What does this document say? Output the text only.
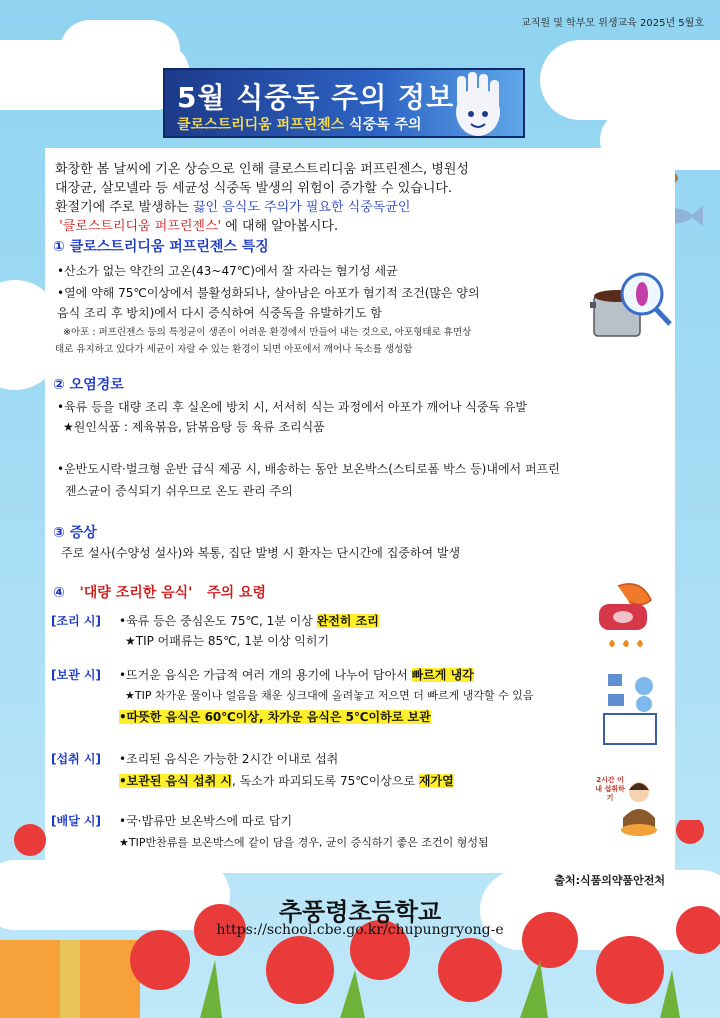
교직원 및 학부모 위생교육 2025년 5월호
5월 식중독 주의 정보
클로스트리디움 퍼프린젠스 식중독 주의
화창한 봄 날씨에 기온 상승으로 인해 클로스트리디움 퍼프린젠스, 병원성
대장균, 살모넬라 등 세균성 식중독 발생의 위험이 증가할 수 있습니다.
환절기에 주로 발생하는 끓인 음식도 주의가 필요한 식중독균인
'클로스트리디움 퍼프린젠스' 에 대해 알아봅시다.
① 클로스트리디움 퍼프린젠스 특징
•산소가 없는 약간의 고온(43~47℃)에서 잘 자라는 혐기성 세균
•열에 약해 75℃이상에서 불활성화되나, 살아남은 아포가 혐기적 조건(많은 양의
음식 조리 후 방치)에서 다시 증식하여 식중독을 유발하기도 함
※아포 : 퍼프린젠스 등의 특정균이 생존이 어려운 환경에서 만들어 내는 것으로, 아포형태로 휴면상
태로 유지하고 있다가 세균이 자랄 수 있는 환경이 되면 아포에서 깨어나 독소를 생성함
② 오염경로
•육류 등을 대량 조리 후 실온에 방치 시, 서서히 식는 과정에서 아포가 깨어나 식중독 유발
★원인식품 : 제육볶음, 닭볶음탕 등 육류 조리식품
•운반도시락·벌크형 운반 급식 제공 시, 배송하는 동안 보온박스(스티로폼 박스 등)내에서 퍼프린
젠스균이 증식되기 쉬우므로 온도 관리 주의
③ 증상
주로 설사(수양성 설사)와 복통, 집단 발병 시 환자는 단시간에 집중하여 발생
④ '대량 조리한 음식' 주의 요령
[조리 시] •육류 등은 중심온도 75℃, 1분 이상 완전히 조리
★TIP 어패류는 85℃, 1분 이상 익히기
[보관 시] •뜨거운 음식은 가급적 여러 개의 용기에 나누어 담아서 빠르게 냉각
★TIP 차가운 물이나 얼음을 채운 싱크대에 올려놓고 저으면 더 빠르게 냉각할 수 있음
•따뜻한 음식은 60℃이상, 차가운 음식은 5℃이하로 보관
[섭취 시] •조리된 음식은 가능한 2시간 이내로 섭취
•보관된 음식 섭취 시, 독소가 파괴되도록 75℃이상으로 재가열	2시간 이내 섭취하기
[배달 시] •국·밥류만 보온박스에 따로 담기
★TIP반찬류를 보온박스에 같이 담을 경우, 균이 증식하기 좋은 조건이 형성됨
출처:식품의약품안전처
추풍령초등학교
https://school.cbe.go.kr/chupungryong-e
